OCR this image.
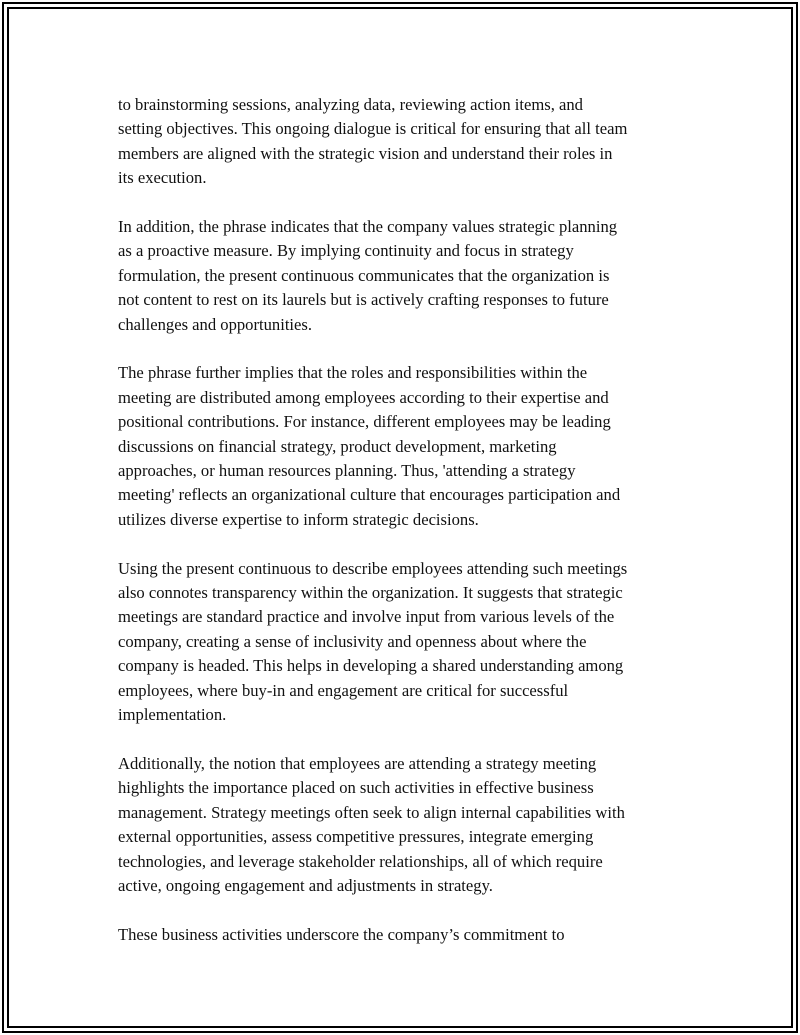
to brainstorming sessions, analyzing data, reviewing action items, and
setting objectives. This ongoing dialogue is critical for ensuring that all team
members are aligned with the strategic vision and understand their roles in
its execution.

In addition, the phrase indicates that the company values strategic planning
as a proactive measure. By implying continuity and focus in strategy
formulation, the present continuous communicates that the organization is
not content to rest on its laurels but is actively crafting responses to future
challenges and opportunities.

The phrase further implies that the roles and responsibilities within the
meeting are distributed among employees according to their expertise and
positional contributions. For instance, different employees may be leading
discussions on financial strategy, product development, marketing
approaches, or human resources planning. Thus, 'attending a strategy
meeting' reflects an organizational culture that encourages participation and
utilizes diverse expertise to inform strategic decisions.

Using the present continuous to describe employees attending such meetings
also connotes transparency within the organization. It suggests that strategic
meetings are standard practice and involve input from various levels of the
company, creating a sense of inclusivity and openness about where the
company is headed. This helps in developing a shared understanding among
employees, where buy-in and engagement are critical for successful
implementation.

Additionally, the notion that employees are attending a strategy meeting
highlights the importance placed on such activities in effective business
management. Strategy meetings often seek to align internal capabilities with
external opportunities, assess competitive pressures, integrate emerging
technologies, and leverage stakeholder relationships, all of which require
active, ongoing engagement and adjustments in strategy.

These business activities underscore the company’s commitment to
